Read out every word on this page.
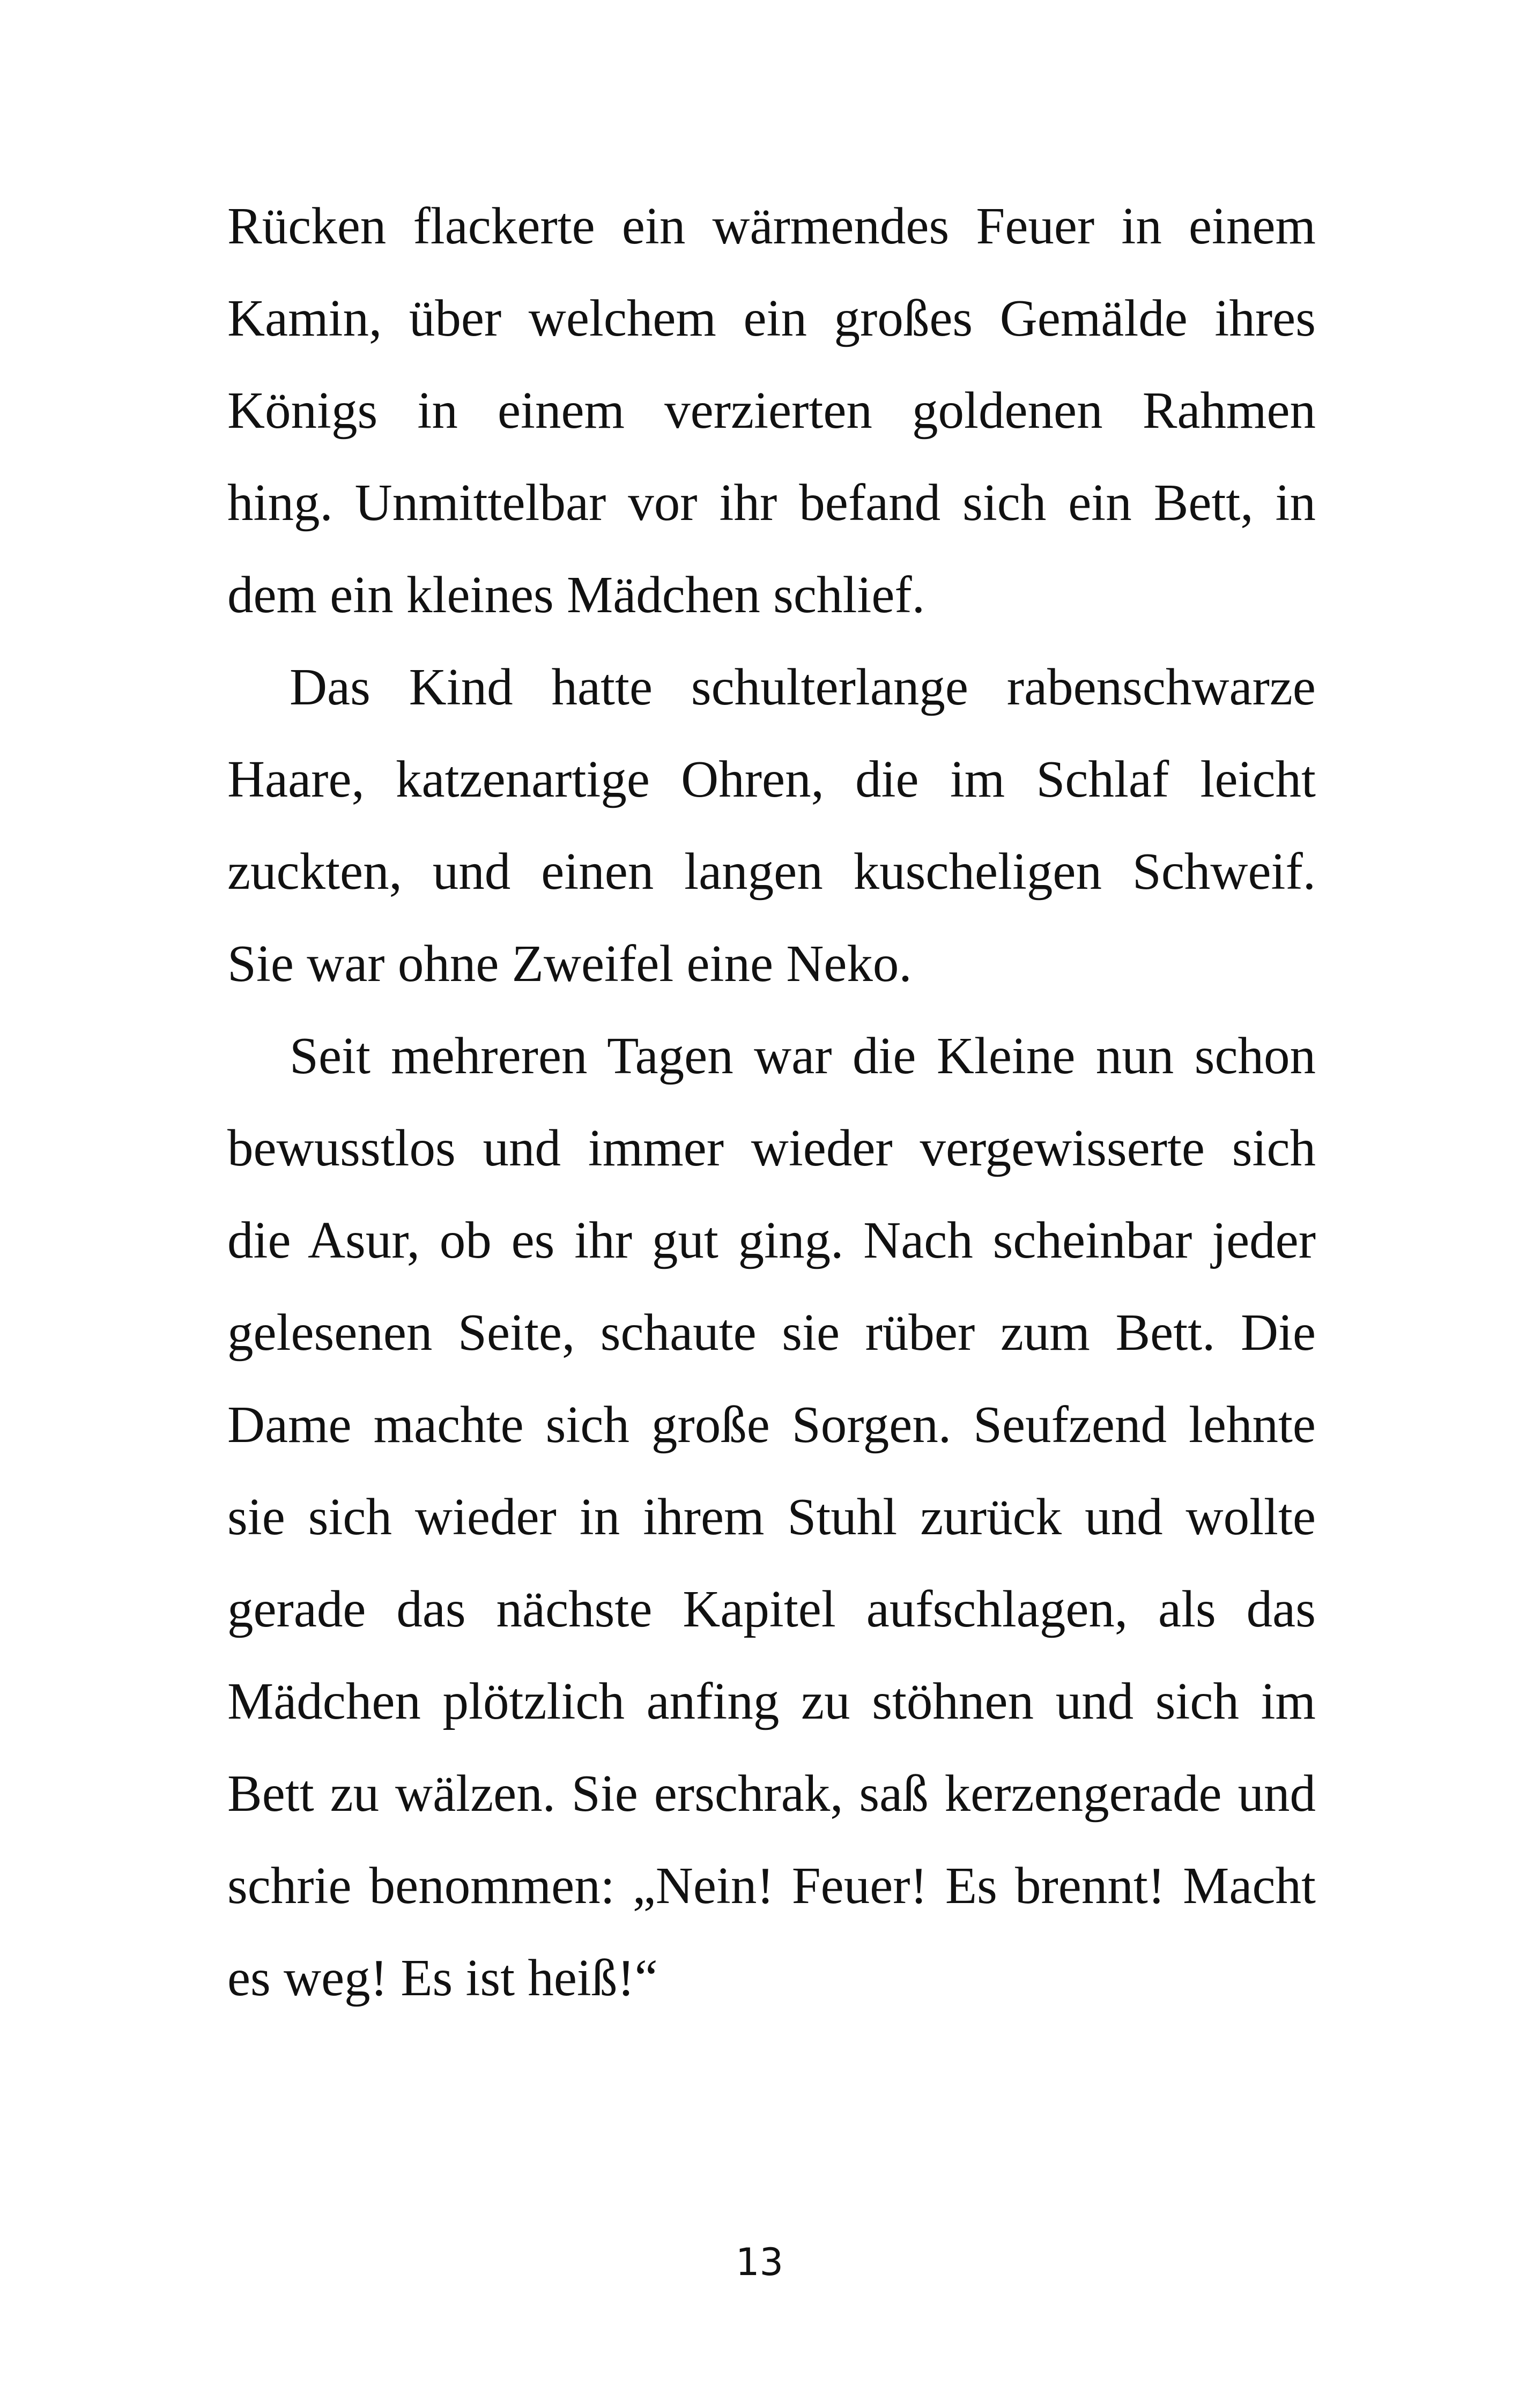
Rücken flackerte ein wärmendes Feuer in einem
Kamin, über welchem ein großes Gemälde ihres
Königs in einem verzierten goldenen Rahmen
hing. Unmittelbar vor ihr befand sich ein Bett, in
dem ein kleines Mädchen schlief.
Das Kind hatte schulterlange rabenschwarze
Haare, katzenartige Ohren, die im Schlaf leicht
zuckten, und einen langen kuscheligen Schweif.
Sie war ohne Zweifel eine Neko.
Seit mehreren Tagen war die Kleine nun schon
bewusstlos und immer wieder vergewisserte sich
die Asur, ob es ihr gut ging. Nach scheinbar jeder
gelesenen Seite, schaute sie rüber zum Bett. Die
Dame machte sich große Sorgen. Seufzend lehnte
sie sich wieder in ihrem Stuhl zurück und wollte
gerade das nächste Kapitel aufschlagen, als das
Mädchen plötzlich anfing zu stöhnen und sich im
Bett zu wälzen. Sie erschrak, saß kerzengerade und
schrie benommen: „Nein! Feuer! Es brennt! Macht
es weg! Es ist heiß!“
13
